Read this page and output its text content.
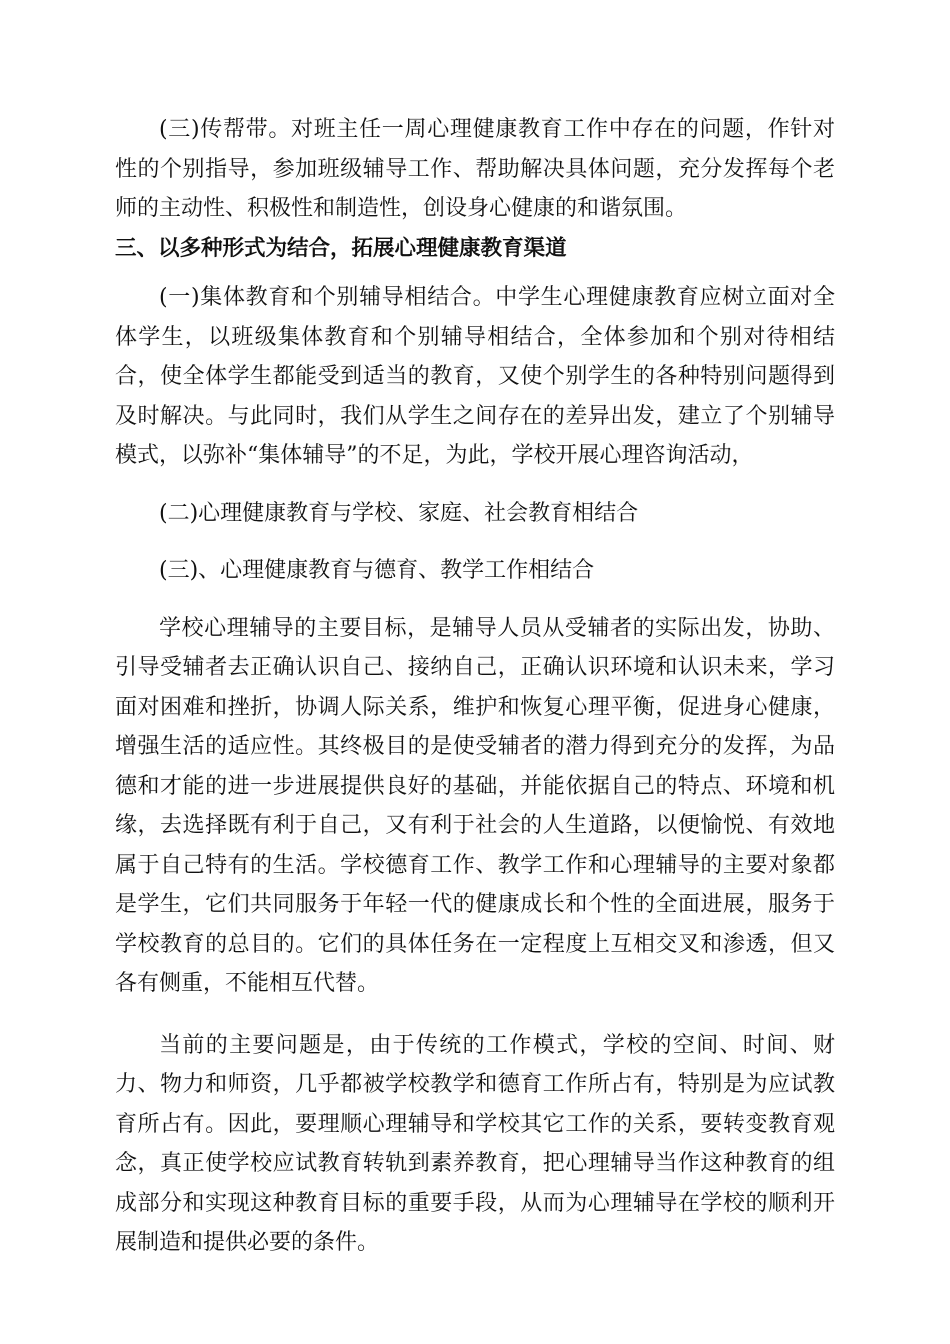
(三)传帮带。对班主任一周心理健康教育工作中存在的问题，作针对性的个别指导，参加班级辅导工作、帮助解决具体问题，充分发挥每个老师的主动性、积极性和制造性，创设身心健康的和谐氛围。

三、以多种形式为结合，拓展心理健康教育渠道

(一)集体教育和个别辅导相结合。中学生心理健康教育应树立面对全体学生，以班级集体教育和个别辅导相结合，全体参加和个别对待相结合，使全体学生都能受到适当的教育，又使个别学生的各种特别问题得到及时解决。与此同时，我们从学生之间存在的差异出发，建立了个别辅导模式，以弥补“集体辅导”的不足，为此，学校开展心理咨询活动，

(二)心理健康教育与学校、家庭、社会教育相结合

(三)、心理健康教育与德育、教学工作相结合

学校心理辅导的主要目标，是辅导人员从受辅者的实际出发，协助、引导受辅者去正确认识自己、接纳自己，正确认识环境和认识未来，学习面对困难和挫折，协调人际关系，维护和恢复心理平衡，促进身心健康，增强生活的适应性。其终极目的是使受辅者的潜力得到充分的发挥，为品德和才能的进一步进展提供良好的基础，并能依据自己的特点、环境和机缘，去选择既有利于自己，又有利于社会的人生道路，以便愉悦、有效地属于自己特有的生活。学校德育工作、教学工作和心理辅导的主要对象都是学生，它们共同服务于年轻一代的健康成长和个性的全面进展，服务于学校教育的总目的。它们的具体任务在一定程度上互相交叉和渗透，但又各有侧重，不能相互代替。

当前的主要问题是，由于传统的工作模式，学校的空间、时间、财力、物力和师资，几乎都被学校教学和德育工作所占有，特别是为应试教育所占有。因此，要理顺心理辅导和学校其它工作的关系，要转变教育观念，真正使学校应试教育转轨到素养教育，把心理辅导当作这种教育的组成部分和实现这种教育目标的重要手段，从而为心理辅导在学校的顺利开展制造和提供必要的条件。
